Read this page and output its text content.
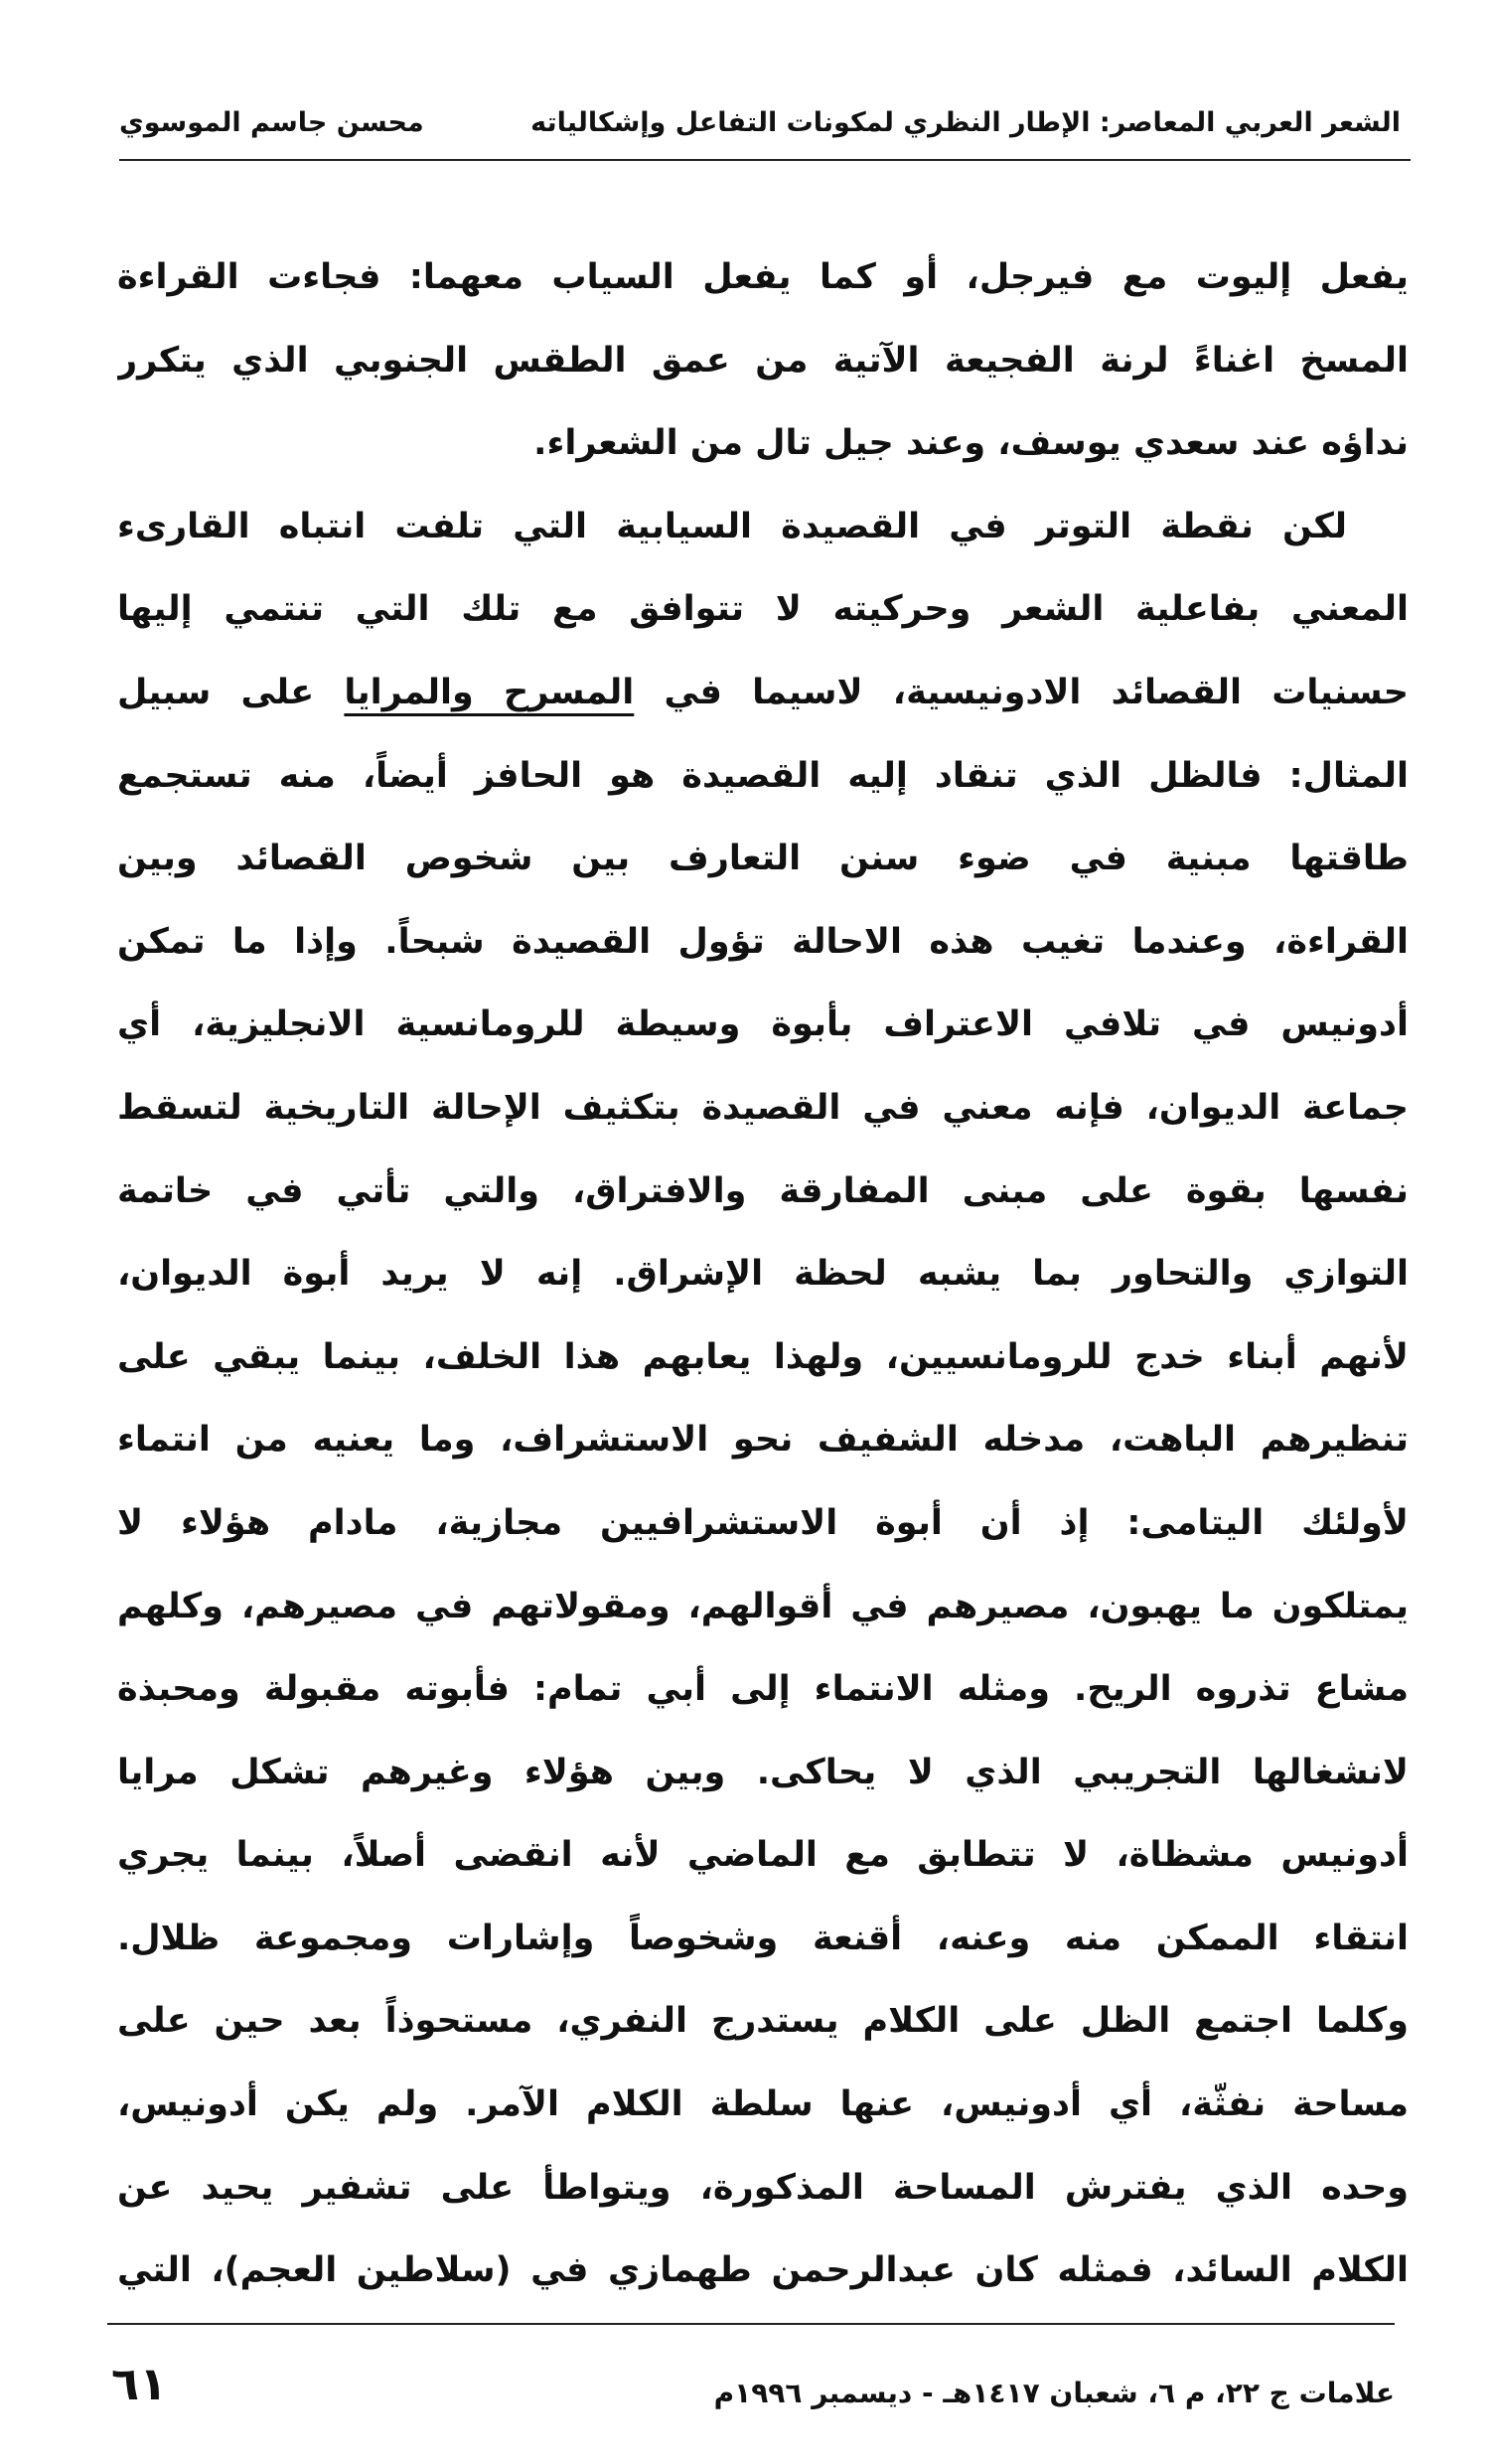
الشعر العربي المعاصر: الإطار النظري لمكونات التفاعل وإشكالياته
محسن جاسم الموسوي
يفعل إليوت مع فيرجل، أو كما يفعل السياب معهما: فجاءت القراءة
المسخ اغناءً لرنة الفجيعة الآتية من عمق الطقس الجنوبي الذي يتكرر
نداؤه عند سعدي يوسف، وعند جيل تال من الشعراء.
لكن نقطة التوتر في القصيدة السيابية التي تلفت انتباه القارىء
المعني بفاعلية الشعر وحركيته لا تتوافق مع تلك التي تنتمي إليها
حسنيات القصائد الادونيسية، لاسيما في المسرح والمرايا على سبيل
المثال: فالظل الذي تنقاد إليه القصيدة هو الحافز أيضاً، منه تستجمع
طاقتها مبنية في ضوء سنن التعارف بين شخوص القصائد وبين
القراءة، وعندما تغيب هذه الاحالة تؤول القصيدة شبحاً. وإذا ما تمكن
أدونيس في تلافي الاعتراف بأبوة وسيطة للرومانسية الانجليزية، أي
جماعة الديوان، فإنه معني في القصيدة بتكثيف الإحالة التاريخية لتسقط
نفسها بقوة على مبنى المفارقة والافتراق، والتي تأتي في خاتمة
التوازي والتحاور بما يشبه لحظة الإشراق. إنه لا يريد أبوة الديوان،
لأنهم أبناء خدج للرومانسيين، ولهذا يعابهم هذا الخلف، بينما يبقي على
تنظيرهم الباهت، مدخله الشفيف نحو الاستشراف، وما يعنيه من انتماء
لأولئك اليتامى: إذ أن أبوة الاستشرافيين مجازية، مادام هؤلاء لا
يمتلكون ما يهبون، مصيرهم في أقوالهم، ومقولاتهم في مصيرهم، وكلهم
مشاع تذروه الريح. ومثله الانتماء إلى أبي تمام: فأبوته مقبولة ومحبذة
لانشغالها التجريبي الذي لا يحاكى. وبين هؤلاء وغيرهم تشكل مرايا
أدونيس مشظاة، لا تتطابق مع الماضي لأنه انقضى أصلاً، بينما يجري
انتقاء الممكن منه وعنه، أقنعة وشخوصاً وإشارات ومجموعة ظلال.
وكلما اجتمع الظل على الكلام يستدرج النفري، مستحوذاً بعد حين على
مساحة نفثّة، أي أدونيس، عنها سلطة الكلام الآمر. ولم يكن أدونيس،
وحده الذي يفترش المساحة المذكورة، ويتواطأ على تشفير يحيد عن
الكلام السائد، فمثله كان عبدالرحمن طهمازي في (سلاطين العجم)، التي
علامات ج ٢٢، م ٦، شعبان ١٤١٧هـ - ديسمبر ١٩٩٦م
٦١
